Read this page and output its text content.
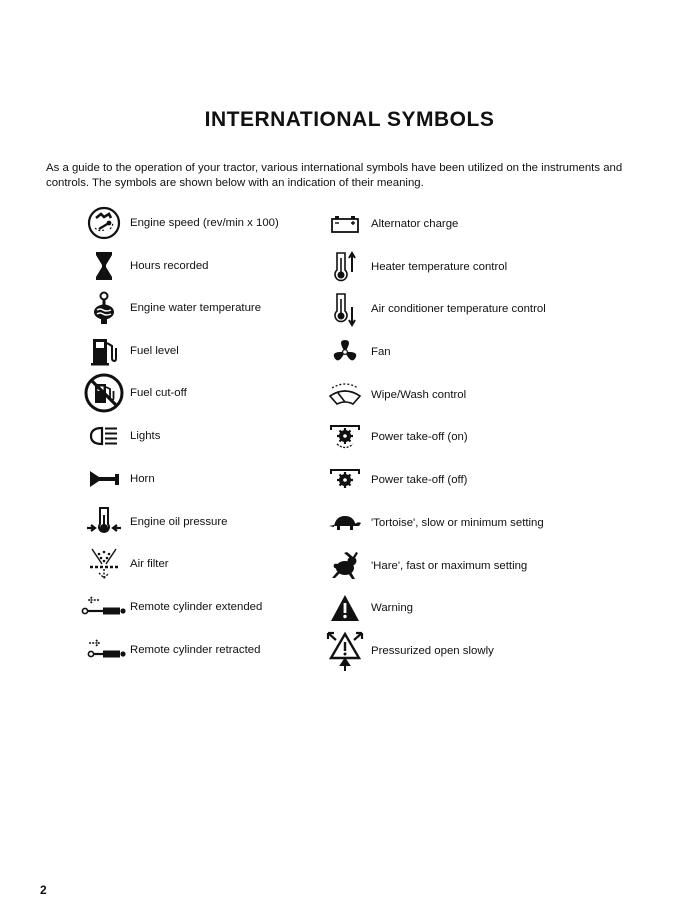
INTERNATIONAL SYMBOLS

As a guide to the operation of your tractor, various international symbols have been utilized on the instruments and controls. The symbols are shown below with an indication of their meaning.

Engine speed (rev/min x 100)
Hours recorded
Engine water temperature
Fuel level
Fuel cut-off
Lights
Horn
Engine oil pressure
Air filter
Remote cylinder extended
Remote cylinder retracted
Alternator charge
Heater temperature control
Air conditioner temperature control
Fan
Wipe/Wash control
Power take-off (on)
Power take-off (off)
'Tortoise', slow or minimum setting
'Hare', fast or maximum setting
Warning
Pressurized open slowly
2
